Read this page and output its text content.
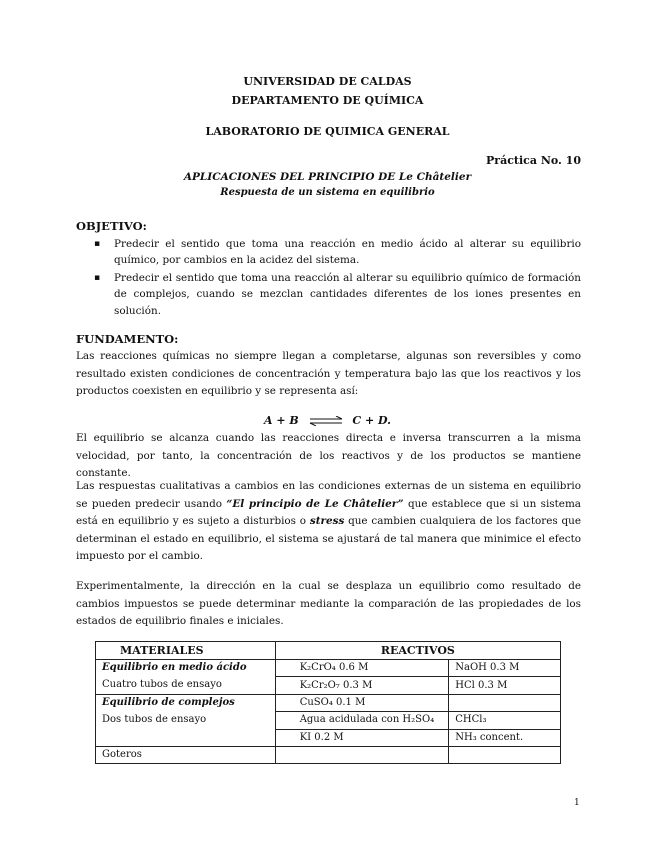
UNIVERSIDAD DE CALDAS
DEPARTAMENTO DE QUÍMICA
LABORATORIO DE QUIMICA GENERAL
Práctica No. 10
APLICACIONES DEL PRINCIPIO DE Le Châtelier
Respuesta de un sistema en equilibrio
OBJETIVO:
▪ Predecir el sentido que toma una reacción en medio ácido al alterar su equilibrio químico, por cambios en la acidez del sistema.
▪ Predecir el sentido que toma una reacción al alterar su equilibrio químico de formación de complejos, cuando se mezclan cantidades diferentes de los iones presentes en solución.
FUNDAMENTO:

Las reacciones químicas no siempre llegan a completarse, algunas son reversibles y como resultado existen condiciones de concentración y temperatura bajo las que los reactivos y los productos coexisten en equilibrio y se representa así:

A + B ⇌ C + D.

El equilibrio se alcanza cuando las reacciones directa e inversa transcurren a la misma velocidad, por tanto, la concentración de los reactivos y de los productos se mantiene constante.

Las respuestas cualitativas a cambios en las condiciones externas de un sistema en equilibrio se pueden predecir usando “El principio de Le Châtelier” que establece que si un sistema está en equilibrio y es sujeto a disturbios o stress que cambien cualquiera de los factores que determinan el estado en equilibrio, el sistema se ajustará de tal manera que minimice el efecto impuesto por el cambio.

Experimentalmente, la dirección en la cual se desplaza un equilibrio como resultado de cambios impuestos se puede determinar mediante la comparación de las propiedades de los estados de equilibrio finales e iniciales.

MATERIALES	REACTIVOS	
Equilibrio en medio ácido	K₂CrO₄ 0.6 M	NaOH 0.3 M
Cuatro tubos de ensayo	K₂Cr₂O₇ 0.3 M	HCl 0.3 M
Equilibrio de complejos	CuSO₄ 0.1 M	
Dos tubos de ensayo	Agua acidulada con H₂SO₄	CHCl₃
	KI 0.2 M	NH₃ concent.
Goteros		
1
